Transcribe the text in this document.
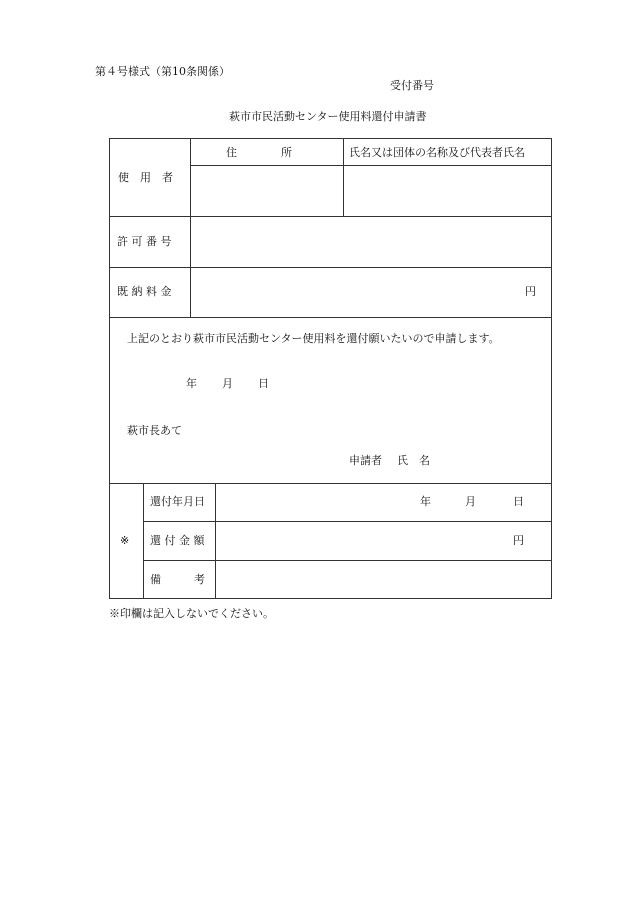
第４号様式（第10条関係）
受付番号
萩市市民活動センター使用料還付申請書
使　用　者
住　　　　所	氏名又は団体の名称及び代表者氏名
許 可 番 号
既 納 料 金	円
上記のとおり萩市市民活動センター使用料を還付願いたいので申請します。
年 月 日
萩市長あて
申請者 氏　名
※
還付年月日	年	月	日
還 付 金 額	円
備　　　考
※印欄は記入しないでください。
